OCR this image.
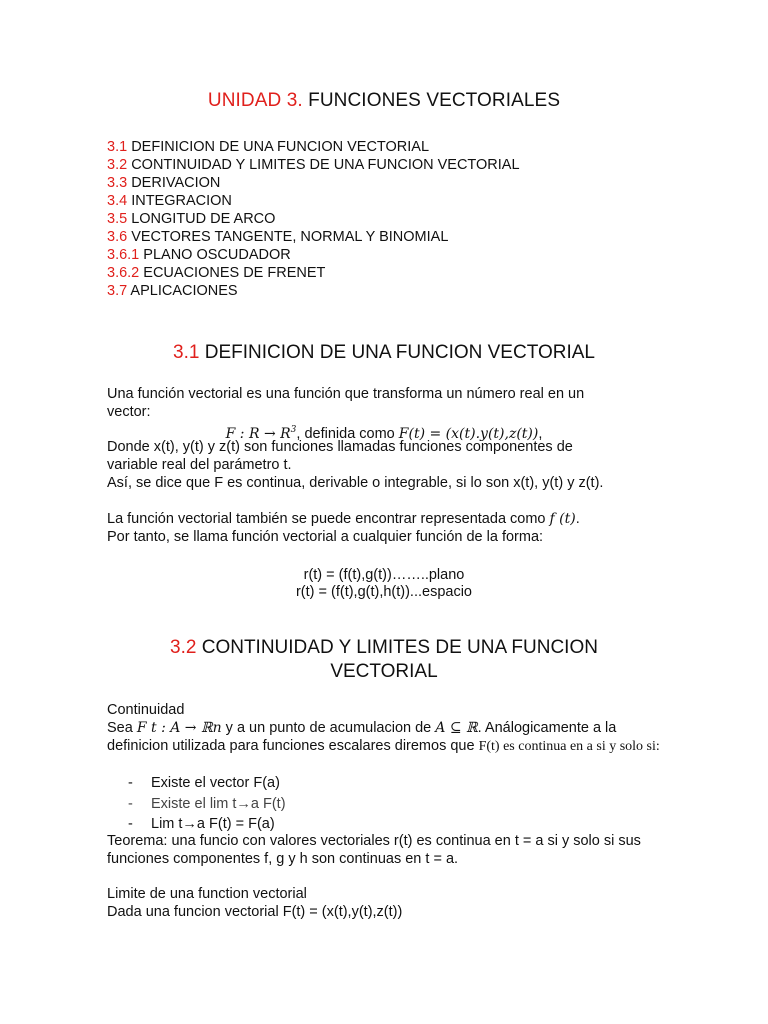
UNIDAD 3. FUNCIONES VECTORIALES
3.1 DEFINICION DE UNA FUNCION VECTORIAL
3.2 CONTINUIDAD Y LIMITES DE UNA FUNCION VECTORIAL
3.3 DERIVACION
3.4 INTEGRACION
3.5 LONGITUD DE ARCO
3.6 VECTORES TANGENTE, NORMAL Y BINOMIAL
3.6.1 PLANO OSCUDADOR
3.6.2 ECUACIONES DE FRENET
3.7 APLICACIONES
3.1 DEFINICION DE UNA FUNCION VECTORIAL
Una función vectorial es una función que transforma un número real en un vector:
F : $R \to R^3$, definida como F(t) = (x(t).y(t),z(t)),
Donde x(t), y(t) y z(t) son funciones llamadas funciones componentes de variable real del parámetro t.
Así, se dice que F es continua, derivable o integrable, si lo son x(t), y(t) y z(t).
La función vectorial también se puede encontrar representada como f (t).
Por tanto, se llama función vectorial a cualquier función de la forma:
r(t) = (f(t),g(t))……..plano
r(t) = (f(t),g(t),h(t))...espacio
3.2 CONTINUIDAD Y LIMITES DE UNA FUNCION
VECTORIAL
Continuidad
Sea F t : A → ℝn y a un punto de acumulacion de A ⊆ ℝ. Análogicamente a la
definicion utilizada para funciones escalares diremos que F(t) es continua en a si y solo si:
- Existe el vector F(a)
- Existe el lim t→a F(t)
- Lim t→a F(t) = F(a)
Teorema: una funcio con valores vectoriales r(t) es continua en t = a si y solo si sus funciones componentes f, g y h son continuas en t = a.
Limite de una function vectorial
Dada una funcion vectorial F(t) = (x(t),y(t),z(t))
